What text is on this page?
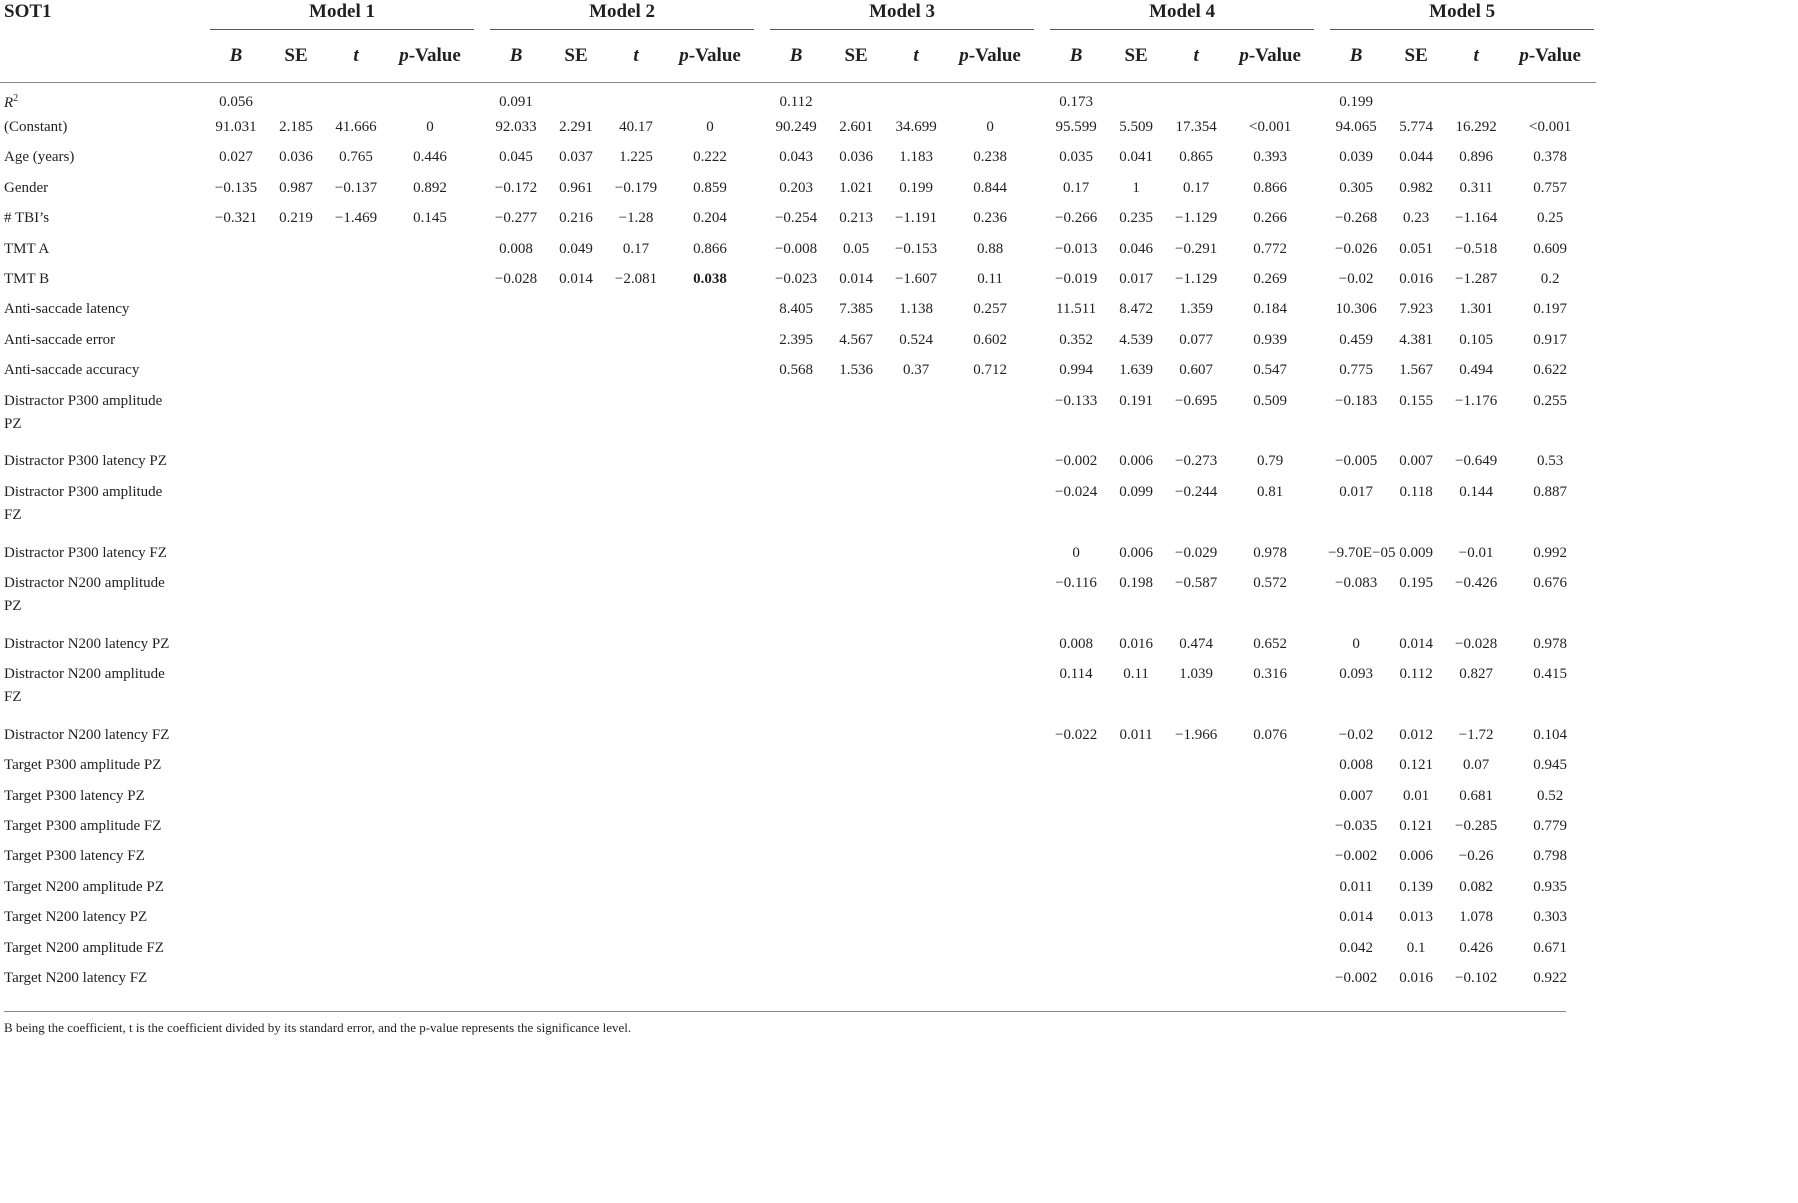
SOT1	Model 1					Model 2					Model 3					Model 4					Model 5			
	B	SE	t	p-Value		B	SE	t	p-Value		B	SE	t	p-Value		B	SE	t	p-Value		B	SE	t	p-Value
$R^2$	0.056					0.091					0.112					0.173					0.199			
(Constant)	91.031	2.185	41.666	0		92.033	2.291	40.17	0		90.249	2.601	34.699	0		95.599	5.509	17.354	<0.001		94.065	5.774	16.292	<0.001
Age (years)	0.027	0.036	0.765	0.446		0.045	0.037	1.225	0.222		0.043	0.036	1.183	0.238		0.035	0.041	0.865	0.393		0.039	0.044	0.896	0.378
Gender	−0.135	0.987	−0.137	0.892		−0.172	0.961	−0.179	0.859		0.203	1.021	0.199	0.844		0.17	1	0.17	0.866		0.305	0.982	0.311	0.757
# TBI’s	−0.321	0.219	−1.469	0.145		−0.277	0.216	−1.28	0.204		−0.254	0.213	−1.191	0.236		−0.266	0.235	−1.129	0.266		−0.268	0.23	−1.164	0.25
TMT A						0.008	0.049	0.17	0.866		−0.008	0.05	−0.153	0.88		−0.013	0.046	−0.291	0.772		−0.026	0.051	−0.518	0.609
TMT B						−0.028	0.014	−2.081	0.038		−0.023	0.014	−1.607	0.11		−0.019	0.017	−1.129	0.269		−0.02	0.016	−1.287	0.2
Anti-saccade latency											8.405	7.385	1.138	0.257		11.511	8.472	1.359	0.184		10.306	7.923	1.301	0.197
Anti-saccade error											2.395	4.567	0.524	0.602		0.352	4.539	0.077	0.939		0.459	4.381	0.105	0.917
Anti-saccade accuracy											0.568	1.536	0.37	0.712		0.994	1.639	0.607	0.547		0.775	1.567	0.494	0.622
Distractor P300 amplitude
PZ																−0.133	0.191	−0.695	0.509		−0.183	0.155	−1.176	0.255

Distractor P300 latency PZ																−0.002	0.006	−0.273	0.79		−0.005	0.007	−0.649	0.53
Distractor P300 amplitude
FZ																−0.024	0.099	−0.244	0.81		0.017	0.118	0.144	0.887

Distractor P300 latency FZ																0	0.006	−0.029	0.978		−9.70E−05	0.009	−0.01	0.992
Distractor N200 amplitude
PZ																−0.116	0.198	−0.587	0.572		−0.083	0.195	−0.426	0.676

Distractor N200 latency PZ																0.008	0.016	0.474	0.652		0	0.014	−0.028	0.978
Distractor N200 amplitude
FZ																0.114	0.11	1.039	0.316		0.093	0.112	0.827	0.415

Distractor N200 latency FZ																−0.022	0.011	−1.966	0.076		−0.02	0.012	−1.72	0.104
Target P300 amplitude PZ																					0.008	0.121	0.07	0.945
Target P300 latency PZ																					0.007	0.01	0.681	0.52
Target P300 amplitude FZ																					−0.035	0.121	−0.285	0.779
Target P300 latency FZ																					−0.002	0.006	−0.26	0.798
Target N200 amplitude PZ																					0.011	0.139	0.082	0.935
Target N200 latency PZ																					0.014	0.013	1.078	0.303
Target N200 amplitude FZ																					0.042	0.1	0.426	0.671
Target N200 latency FZ																					−0.002	0.016	−0.102	0.922
B being the coefficient, t is the coefficient divided by its standard error, and the p-value represents the significance level.
